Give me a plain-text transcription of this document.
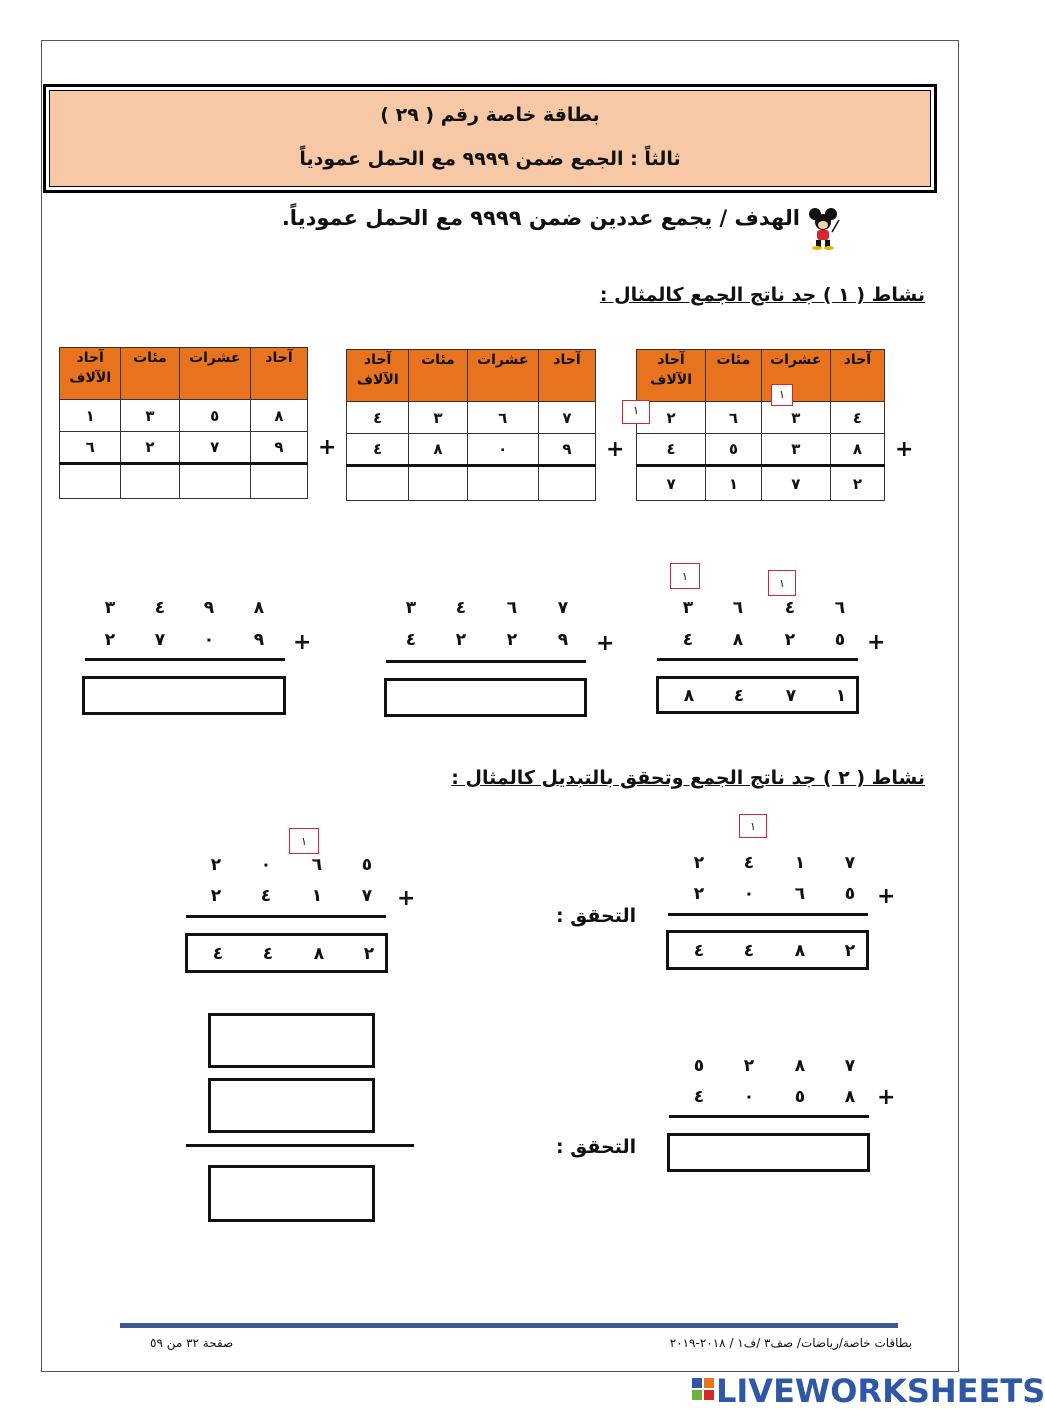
بطاقة خاصة رقم ( ٢٩ )
ثالثاً : الجمع ضمن ٩٩٩٩ مع الحمل عمودياً
الهدف / يجمع عددين ضمن ٩٩٩٩ مع الحمل عمودياً.
نشاط ( ١ ) جد ناتج الجمع كالمثال :
آحاد الآلاف	مئات	عشرات	آحاد
٢	٦	٣	٤
٤	٥	٣	٨
٧	١	٧	٢
١
١
+
آحاد الآلاف	مئات	عشرات	آحاد
٤	٣	٦	٧
٤	٨	٠	٩
			+
آحاد الآلاف	مئات	عشرات	آحاد
١	٣	٥	٨
٦	٢	٧	٩
			+
١
١
٣	٦	٤	٦
٤	٨	٢	٥ +
٨	٤	٧	١
٣	٤	٦	٧
٤	٢	٢	٩	+
٣	٤	٩	٨
٢	٧	٠	٩	+
نشاط ( ٢ ) جد ناتج الجمع وتحقق بالتبديل كالمثال :
١
٢	٤	١	٧
٢	٠	٦	٥ +
٤	٤	٨	٢
التحقق :
١
٢	٠	٦	٥
٢	٤	١	٧	+
٤	٤	٨	٢
٥	٢	٨	٧
٤	٠	٥	٨ +
التحقق :
بطاقات خاصة/رياضات/ صف٣ /ف١ / ٢٠١٨-٢٠١٩
صفحة ٣٢ من ٥٩
LIVEWORKSHEETS
